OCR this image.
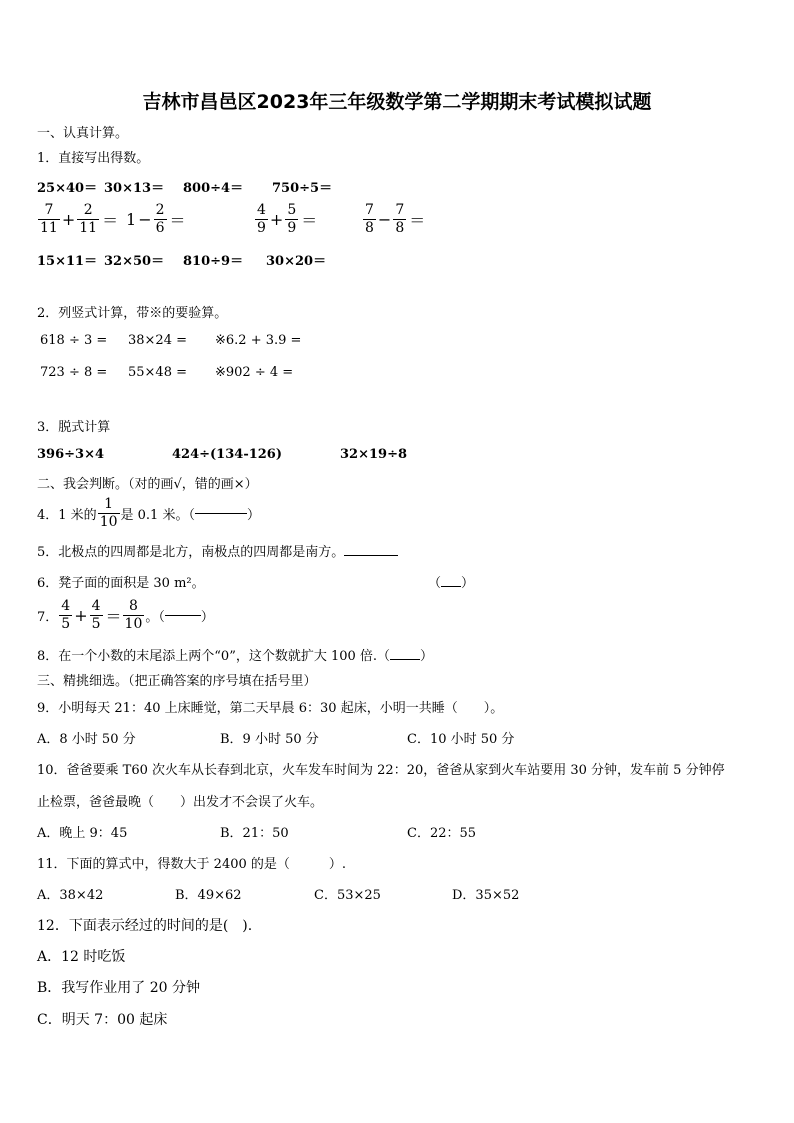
吉林市昌邑区2023年三年级数学第二学期期末考试模拟试题
一、认真计算。
1．直接写出得数。
25×40＝ 30×13＝ 800÷4＝ 750÷5＝
$\frac{7}{11} + \frac{2}{11} = 1 - \frac{2}{6}$ ＝	$\frac{4}{9} + \frac{5}{9}$ ＝	$\frac{7}{8} - \frac{7}{8}$ ＝
15×11＝ 32×50＝ 810÷9＝ 30×20＝
2．列竖式计算，带※的要验算。
618 ÷ 3 = 38×24 = ※6.2 + 3.9 =
723 ÷ 8 = 55×48 = ※902 ÷ 4 =
3．脱式计算
396÷3×4	424÷(134-126)	32×19÷8
二、我会判断。（对的画√，错的画×）
4．1 米的 $\frac{1}{10}$ 是 0.1 米。（	）
5．北极点的四周都是北方，南极点的四周都是南方。
6．凳子面的面积是 30 m²。	（ ）
7． $\frac{4}{5} + \frac{4}{5} = \frac{8}{10}$ 。（	）
8．在一个小数的末尾添上两个“0”，这个数就扩大 100 倍.（ ）
三、精挑细选。（把正确答案的序号填在括号里）
9．小明每天 21：40 上床睡觉，第二天早晨 6：30 起床，小明一共睡（　　）。
A．8 小时 50 分	B．9 小时 50 分	C．10 小时 50 分
10．爸爸要乘 T60 次火车从长春到北京，火车发车时间为 22：20，爸爸从家到火车站要用 30 分钟，发车前 5 分钟停
止检票，爸爸最晚（　　）出发才不会误了火车。
A．晚上 9：45	B．21：50	C．22：55
11．下面的算式中，得数大于 2400 的是（　　　）.
A．38×42	B．49×62	C．53×25	D．35×52
12．下面表示经过的时间的是(　).
A．12 时吃饭
B．我写作业用了 20 分钟
C．明天 7：00 起床
